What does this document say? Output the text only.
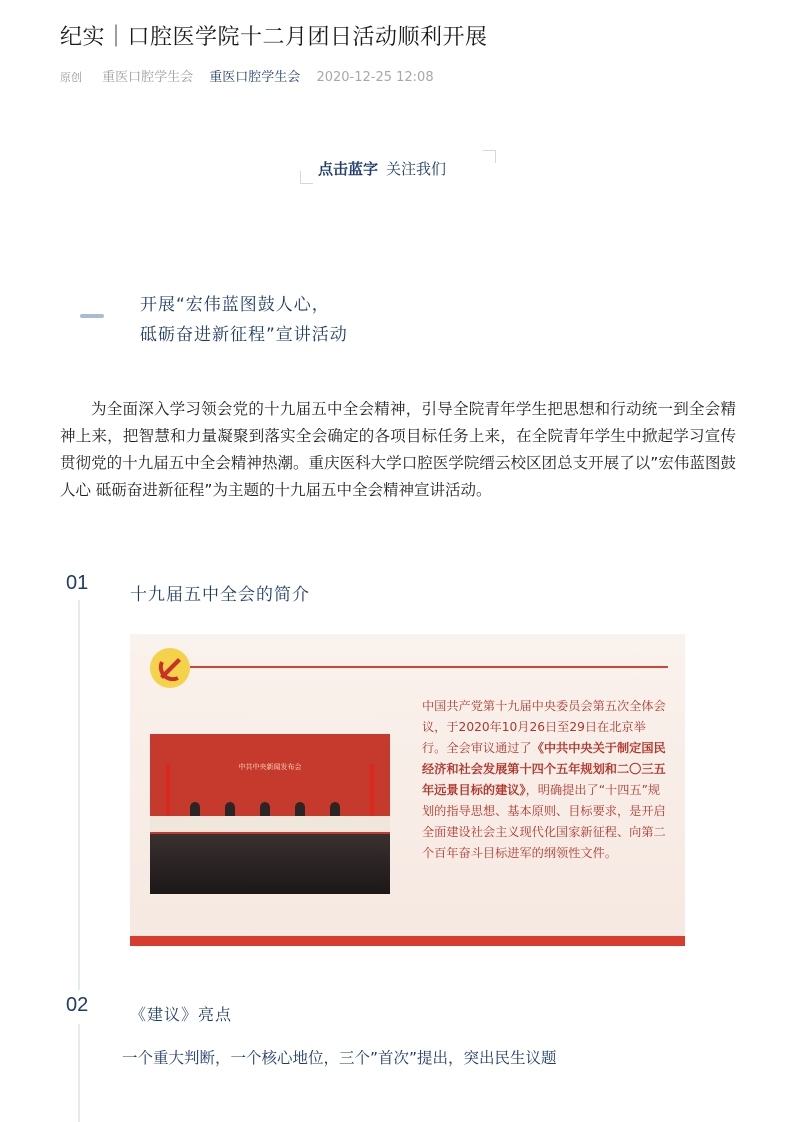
纪实｜口腔医学院十二月团日活动顺利开展
原创 重医口腔学生会 重医口腔学生会 2020-12-25 12:08
点击蓝字 关注我们
开展“宏伟蓝图鼓人心，
砥砺奋进新征程”宣讲活动
为全面深入学习领会党的十九届五中全会精神，引导全院青年学生把思想和行动统一到全会精神上来，把智慧和力量凝聚到落实全会确定的各项目标任务上来，在全院青年学生中掀起学习宣传贯彻党的十九届五中全会精神热潮。重庆医科大学口腔医学院缙云校区团总支开展了以”宏伟蓝图鼓人心 砥砺奋进新征程”为主题的十九届五中全会精神宣讲活动。
01
十九届五中全会的简介
中共中央新闻发布会
中国共产党第十九届中央委员会第五次全体会议，于2020年10月26日至29日在北京举行。全会审议通过了《中共中央关于制定国民经济和社会发展第十四个五年规划和二〇三五年远景目标的建议》，明确提出了“十四五”规划的指导思想、基本原则、目标要求，是开启全面建设社会主义现代化国家新征程、向第二个百年奋斗目标进军的纲领性文件。
02	《建议》亮点
一个重大判断，一个核心地位，三个”首次”提出，突出民生议题
